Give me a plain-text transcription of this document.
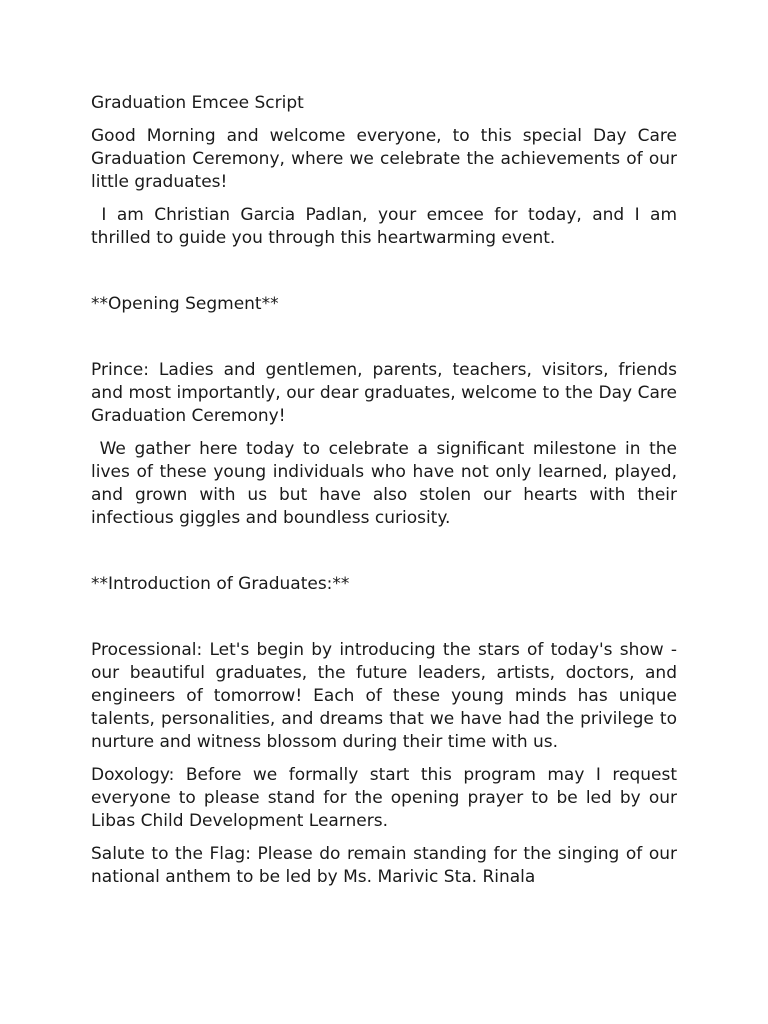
Graduation Emcee Script

Good Morning and welcome everyone, to this special Day Care Graduation Ceremony, where we celebrate the achievements of our little graduates!

I am Christian Garcia Padlan, your emcee for today, and I am thrilled to guide you through this heartwarming event.

**Opening Segment**

Prince: Ladies and gentlemen, parents, teachers, visitors, friends and most importantly, our dear graduates, welcome to the Day Care Graduation Ceremony!

We gather here today to celebrate a significant milestone in the lives of these young individuals who have not only learned, played, and grown with us but have also stolen our hearts with their infectious giggles and boundless curiosity.

**Introduction of Graduates:**

Processional: Let's begin by introducing the stars of today's show - our beautiful graduates, the future leaders, artists, doctors, and engineers of tomorrow! Each of these young minds has unique talents, personalities, and dreams that we have had the privilege to nurture and witness blossom during their time with us.

Doxology: Before we formally start this program may I request everyone to please stand for the opening prayer to be led by our Libas Child Development Learners.

Salute to the Flag: Please do remain standing for the singing of our national anthem to be led by Ms. Marivic Sta. Rinala
